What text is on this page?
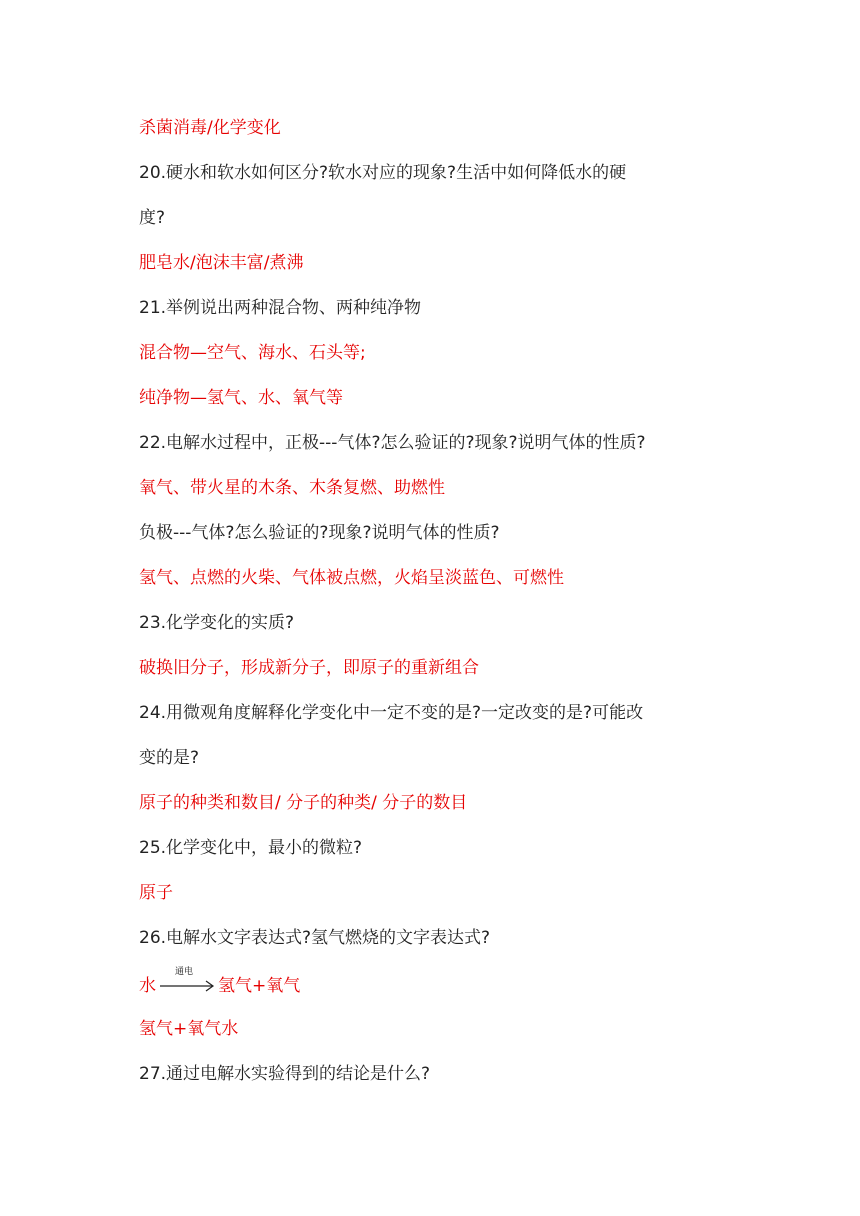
杀菌消毒/化学变化
20.硬水和软水如何区分?软水对应的现象?生活中如何降低水的硬
度?
肥皂水/泡沫丰富/煮沸
21.举例说出两种混合物、两种纯净物
混合物—空气、海水、石头等;
纯净物—氢气、水、氧气等
22.电解水过程中，正极---气体?怎么验证的?现象?说明气体的性质?
氧气、带火星的木条、木条复燃、助燃性
负极---气体?怎么验证的?现象?说明气体的性质?
氢气、点燃的火柴、气体被点燃，火焰呈淡蓝色、可燃性
23.化学变化的实质?
破换旧分子，形成新分子，即原子的重新组合
24.用微观角度解释化学变化中一定不变的是?一定改变的是?可能改
变的是?
原子的种类和数目/ 分子的种类/ 分子的数目
25.化学变化中，最小的微粒?
原子
26.电解水文字表达式?氢气燃烧的文字表达式?
水
通电
氢气+氧气
氢气+氧气水
27.通过电解水实验得到的结论是什么?
